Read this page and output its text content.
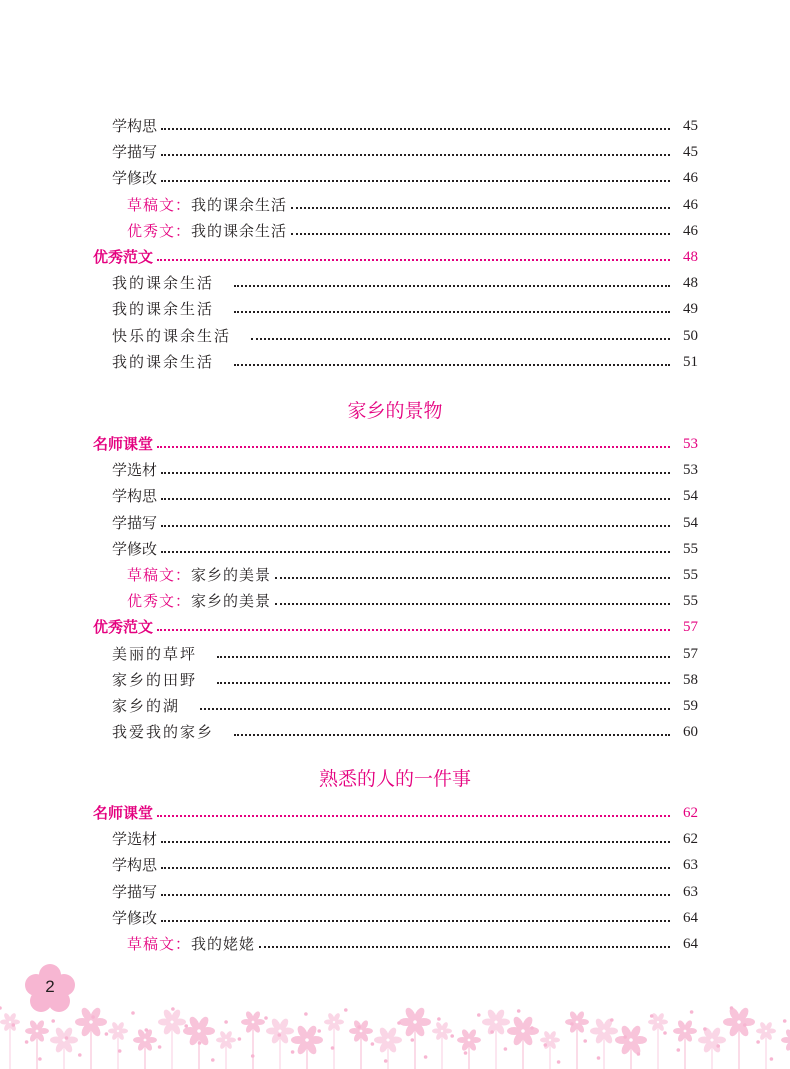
学构思	45
学描写	45
学修改	46
草稿文：我的课余生活	46
优秀文：我的课余生活	46
优秀范文	48
我的课余生活	48
我的课余生活	49
快乐的课余生活	50
我的课余生活	51
家乡的景物
名师课堂	53
学选材	53
学构思	54
学描写	54
学修改	55
草稿文：家乡的美景	55
优秀文：家乡的美景	55
优秀范文	57
美丽的草坪	57
家乡的田野	58
家乡的湖	59
我爱我的家乡	60
熟悉的人的一件事
名师课堂	62
学选材	62
学构思	63
学描写	63
学修改	64
草稿文：我的姥姥	64
2
